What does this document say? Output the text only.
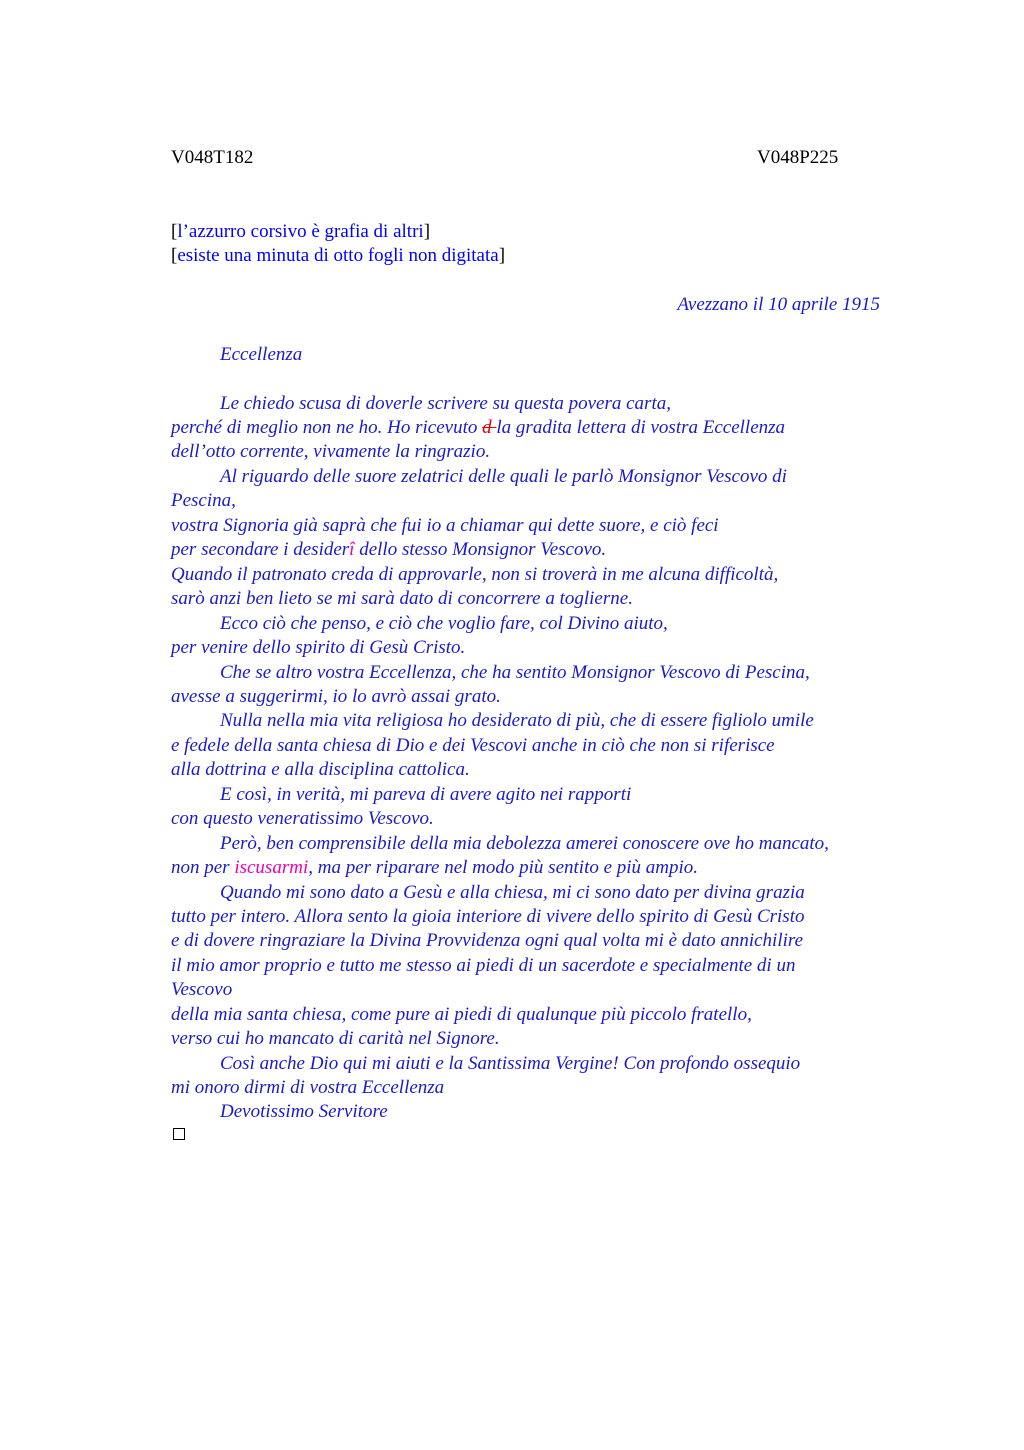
V048T182	V048P225
[l’azzurro corsivo è grafia di altri]
[esiste una minuta di otto fogli non digitata]
Avezzano il 10 aprile 1915
Eccellenza
Le chiedo scusa di doverle scrivere su questa povera carta,
perché di meglio non ne ho. Ho ricevuto d la gradita lettera di vostra Eccellenza
dell’otto corrente, vivamente la ringrazio.
Al riguardo delle suore zelatrici delle quali le parlò Monsignor Vescovo di
Pescina,
vostra Signoria già saprà che fui io a chiamar qui dette suore, e ciò feci
per secondare i desiderî dello stesso Monsignor Vescovo.
Quando il patronato creda di approvarle, non si troverà in me alcuna difficoltà,
sarò anzi ben lieto se mi sarà dato di concorrere a toglierne.
Ecco ciò che penso, e ciò che voglio fare, col Divino aiuto,
per venire dello spirito di Gesù Cristo.
Che se altro vostra Eccellenza, che ha sentito Monsignor Vescovo di Pescina,
avesse a suggerirmi, io lo avrò assai grato.
Nulla nella mia vita religiosa ho desiderato di più, che di essere figliolo umile
e fedele della santa chiesa di Dio e dei Vescovi anche in ciò che non si riferisce
alla dottrina e alla disciplina cattolica.
E così, in verità, mi pareva di avere agito nei rapporti
con questo veneratissimo Vescovo.
Però, ben comprensibile della mia debolezza amerei conoscere ove ho mancato,
non per iscusarmi, ma per riparare nel modo più sentito e più ampio.
Quando mi sono dato a Gesù e alla chiesa, mi ci sono dato per divina grazia
tutto per intero. Allora sento la gioia interiore di vivere dello spirito di Gesù Cristo
e di dovere ringraziare la Divina Provvidenza ogni qual volta mi è dato annichilire
il mio amor proprio e tutto me stesso ai piedi di un sacerdote e specialmente di un
Vescovo
della mia santa chiesa, come pure ai piedi di qualunque più piccolo fratello,
verso cui ho mancato di carità nel Signore.
Così anche Dio qui mi aiuti e la Santissima Vergine! Con profondo ossequio
mi onoro dirmi di vostra Eccellenza
Devotissimo Servitore
